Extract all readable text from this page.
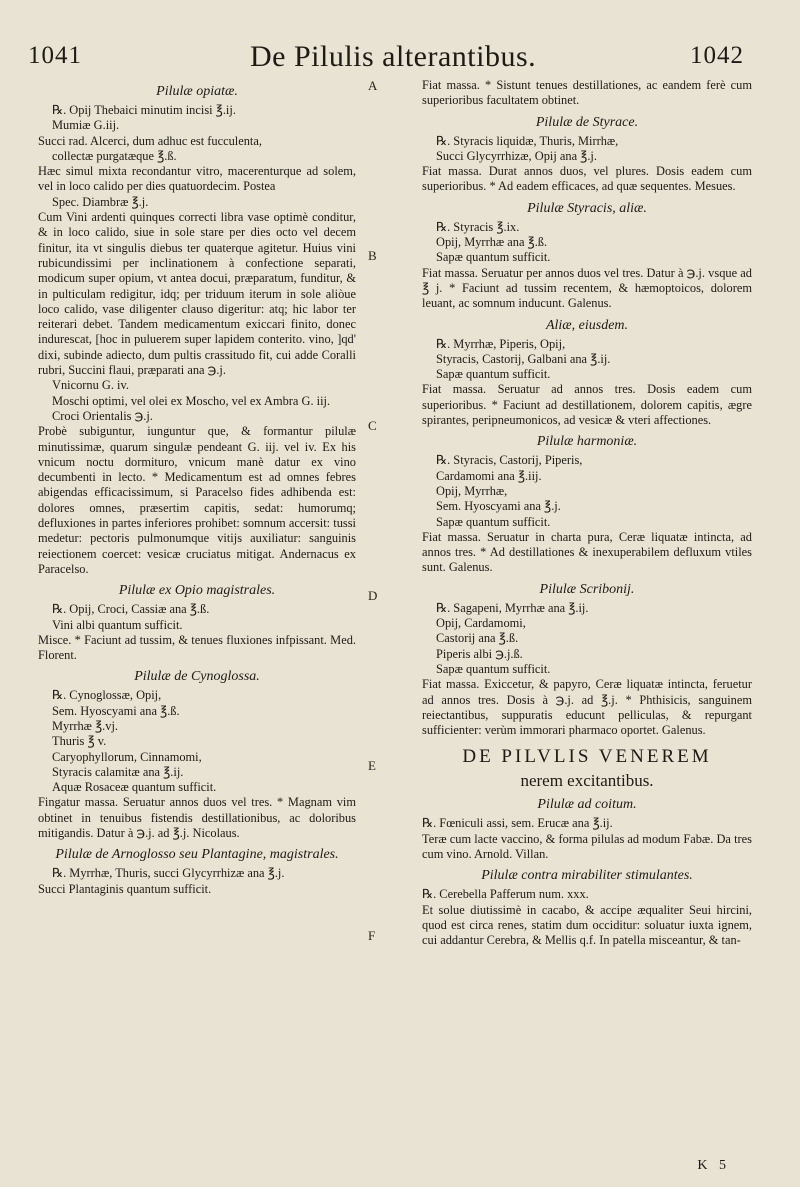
1041	De Pilulis alterantibus.	1042

Pilulæ opiatæ.

℞. Opij Thebaici minutim incisi ℥.ij.

Mumiæ G.iij.

Succi rad. Alcerci, dum adhuc est fucculenta,

collectæ purgatæque ℥.ß.

Hæc simul mixta recondantur vitro, macerenturque ad solem, vel in loco calido per dies quatuordecim. Postea

Spec. Diambræ ℥.j.

Cum Vini ardenti quinques correcti libra vase optimè conditur, & in loco calido, siue in sole stare per dies octo vel decem finitur, ita vt singulis diebus ter quaterque agitetur. Huius vini rubicundissimi per inclinationem à confectione separati, modicum super opium, vt antea docui, præparatum, funditur, & in pulticulam redigitur, idq; per triduum iterum in sole aliòue loco calido, vase diligenter clauso digeritur: atq; hic labor ter reiterari debet. Tandem medicamentum exiccari finito, donec indurescat, [hoc in puluerem super lapidem conterito. vino, ]qd' dixi, subinde adiecto, dum pultis crassitudo fit, cui adde Coralli rubri, Succini flaui, præparati ana ℈.j.

Vnicornu G. iv.

Moschi optimi, vel olei ex Moscho, vel ex Ambra G. iij.

Croci Orientalis ℈.j.

Probè subiguntur, iunguntur que, & formantur pilulæ minutissimæ, quarum singulæ pendeant G. iij. vel iv. Ex his vnicum noctu dormituro, vnicum manè datur ex vino decumbenti in lecto. * Medicamentum est ad omnes febres abigendas efficacissimum, si Paracelso fides adhibenda est: dolores omnes, præsertim capitis, sedat: humorumq; defluxiones in partes inferiores prohibet: somnum accersit: tussi medetur: pectoris pulmonumque vitijs auxiliatur: sanguinis reiectionem coercet: vesicæ cruciatus mitigat. Andernacus ex Paracelso.

Pilulæ ex Opio magistrales.

℞. Opij, Croci, Cassiæ ana ℥.ß.

Vini albi quantum sufficit.

Misce. * Faciunt ad tussim, & tenues fluxiones infpissant. Med. Florent.

Pilulæ de Cynoglossa.

℞. Cynoglossæ, Opij,

Sem. Hyoscyami ana ℥.ß.

Myrrhæ ℥.vj.

Thuris ℥ v.

Caryophyllorum, Cinnamomi,

Styracis calamitæ ana ℥.ij.

Aquæ Rosaceæ quantum sufficit.

Fingatur massa. Seruatur annos duos vel tres. * Magnam vim obtinet in tenuibus fistendis destillationibus, ac doloribus mitigandis. Datur à ℈.j. ad ℥.j. Nicolaus.

Pilulæ de Arnoglosso seu Plantagine, magistrales.

℞. Myrrhæ, Thuris, succi Glycyrrhizæ ana ℥.j.

Succi Plantaginis quantum sufficit.

Fiat massa. * Sistunt tenues destillationes, ac eandem ferè cum superioribus facultatem obtinet.

Pilulæ de Styrace.

℞. Styracis liquidæ, Thuris, Mirrhæ,

Succi Glycyrrhizæ, Opij ana ℥.j.

Fiat massa. Durat annos duos, vel plures. Dosis eadem cum superioribus. * Ad eadem efficaces, ad quæ sequentes. Mesues.

Pilulæ Styracis, aliæ.

℞. Styracis ℥.ix.

Opij, Myrrhæ ana ℥.ß.

Sapæ quantum sufficit.

Fiat massa. Seruatur per annos duos vel tres. Datur à ℈.j. vsque ad ℥ j. * Faciunt ad tussim recentem, & hæmoptoicos, dolorem leuant, ac somnum inducunt. Galenus.

Aliæ, eiusdem.

℞. Myrrhæ, Piperis, Opij,

Styracis, Castorij, Galbani ana ℥.ij.

Sapæ quantum sufficit.

Fiat massa. Seruatur ad annos tres. Dosis eadem cum superioribus. * Faciunt ad destillationem, dolorem capitis, ægre spirantes, peripneumonicos, ad vesicæ & vteri affectiones.

Pilulæ harmoniæ.

℞. Styracis, Castorij, Piperis,

Cardamomi ana ℥.iij.

Opij, Myrrhæ,

Sem. Hyoscyami ana ℥.j.

Sapæ quantum sufficit.

Fiat massa. Seruatur in charta pura, Ceræ liquatæ intincta, ad annos tres. * Ad destillationes & inexuperabilem defluxum vtiles sunt. Galenus.

Pilulæ Scribonij.

℞. Sagapeni, Myrrhæ ana ℥.ij.

Opij, Cardamomi,

Castorij ana ℥.ß.

Piperis albi ℈.j.ß.

Sapæ quantum sufficit.

Fiat massa. Exiccetur, & papyro, Ceræ liquatæ intincta, feruetur ad annos tres. Dosis à ℈.j. ad ℥.j. * Phthisicis, sanguinem reiectantibus, suppuratis educunt pelliculas, & repurgant sufficienter: verùm immorari pharmaco oportet. Galenus.

DE PILVLIS VENEREM

nerem excitantibus.

Pilulæ ad coitum.

℞. Fœniculi assi, sem. Erucæ ana ℥.ij.

Teræ cum lacte vaccino, & forma pilulas ad modum Fabæ. Da tres cum vino. Arnold. Villan.

Pilulæ contra mirabiliter stimulantes.

℞. Cerebella Pafferum num. xxx.

Et solue diutissimè in cacabo, & accipe æqualiter Seui hircini, quod est circa renes, statim dum occiditur: soluatur iuxta ignem, cui addantur Cerebra, & Mellis q.f. In patella misceantur, & tan-

A
B
C
D
E
F
K 5
